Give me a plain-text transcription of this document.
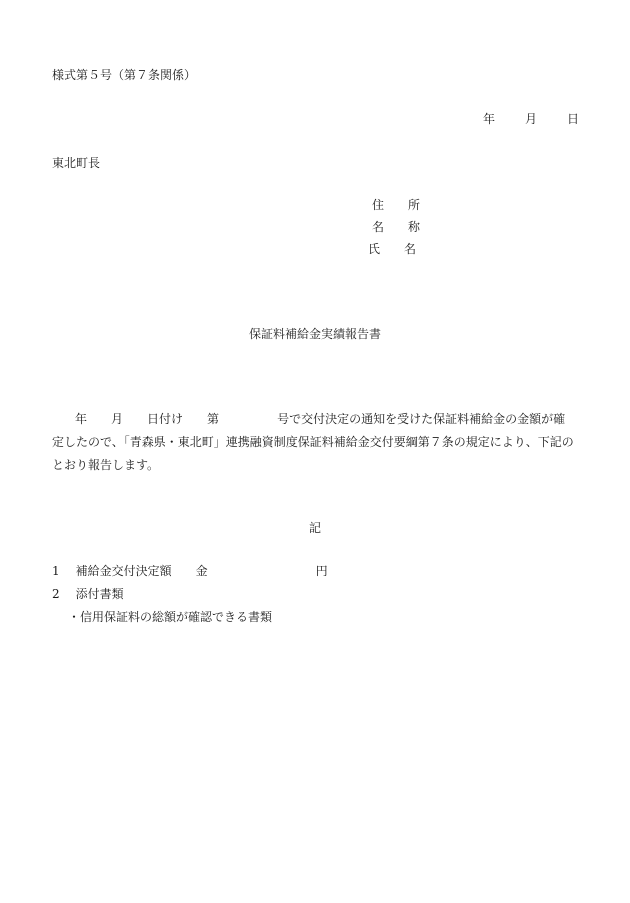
様式第５号（第７条関係）
年	月	日
東北町長
住 所
名 称
氏 名
保証料補給金実績報告書
年 月 日付け 第	号で交付決定の通知を受けた保証料補給金の金額が確
定したので、「青森県・東北町」連携融資制度保証料補給金交付要綱第７条の規定により、下記の
とおり報告します。
記
1 補給金交付決定額 金	円
2 添付書類
・信用保証料の総額が確認できる書類
